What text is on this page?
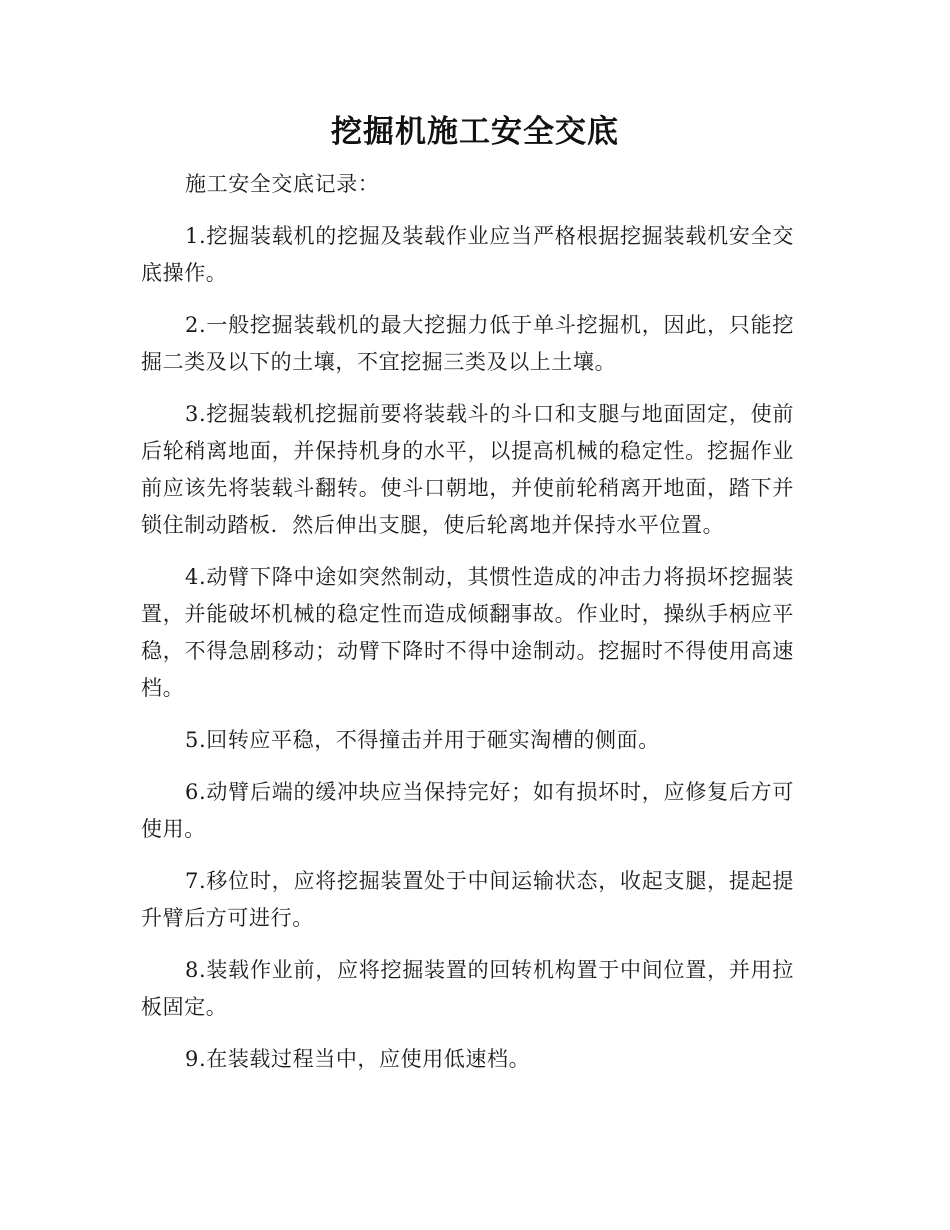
挖掘机施工安全交底

施工安全交底记录：

1.挖掘装载机的挖掘及装载作业应当严格根据挖掘装载机安全交底操作。

2.一般挖掘装载机的最大挖掘力低于单斗挖掘机，因此，只能挖掘二类及以下的土壤，不宜挖掘三类及以上土壤。

3.挖掘装载机挖掘前要将装载斗的斗口和支腿与地面固定，使前后轮稍离地面，并保持机身的水平，以提高机械的稳定性。挖掘作业前应该先将装载斗翻转。使斗口朝地，并使前轮稍离开地面，踏下并锁住制动踏板．然后伸出支腿，使后轮离地并保持水平位置。

4.动臂下降中途如突然制动，其惯性造成的冲击力将损坏挖掘装置，并能破坏机械的稳定性而造成倾翻事故。作业时，操纵手柄应平稳，不得急剧移动；动臂下降时不得中途制动。挖掘时不得使用高速档。

5.回转应平稳，不得撞击并用于砸实淘槽的侧面。

6.动臂后端的缓冲块应当保持完好；如有损坏时，应修复后方可使用。

7.移位时，应将挖掘装置处于中间运输状态，收起支腿，提起提升臂后方可进行。

8.装载作业前，应将挖掘装置的回转机构置于中间位置，并用拉板固定。

9.在装载过程当中，应使用低速档。
